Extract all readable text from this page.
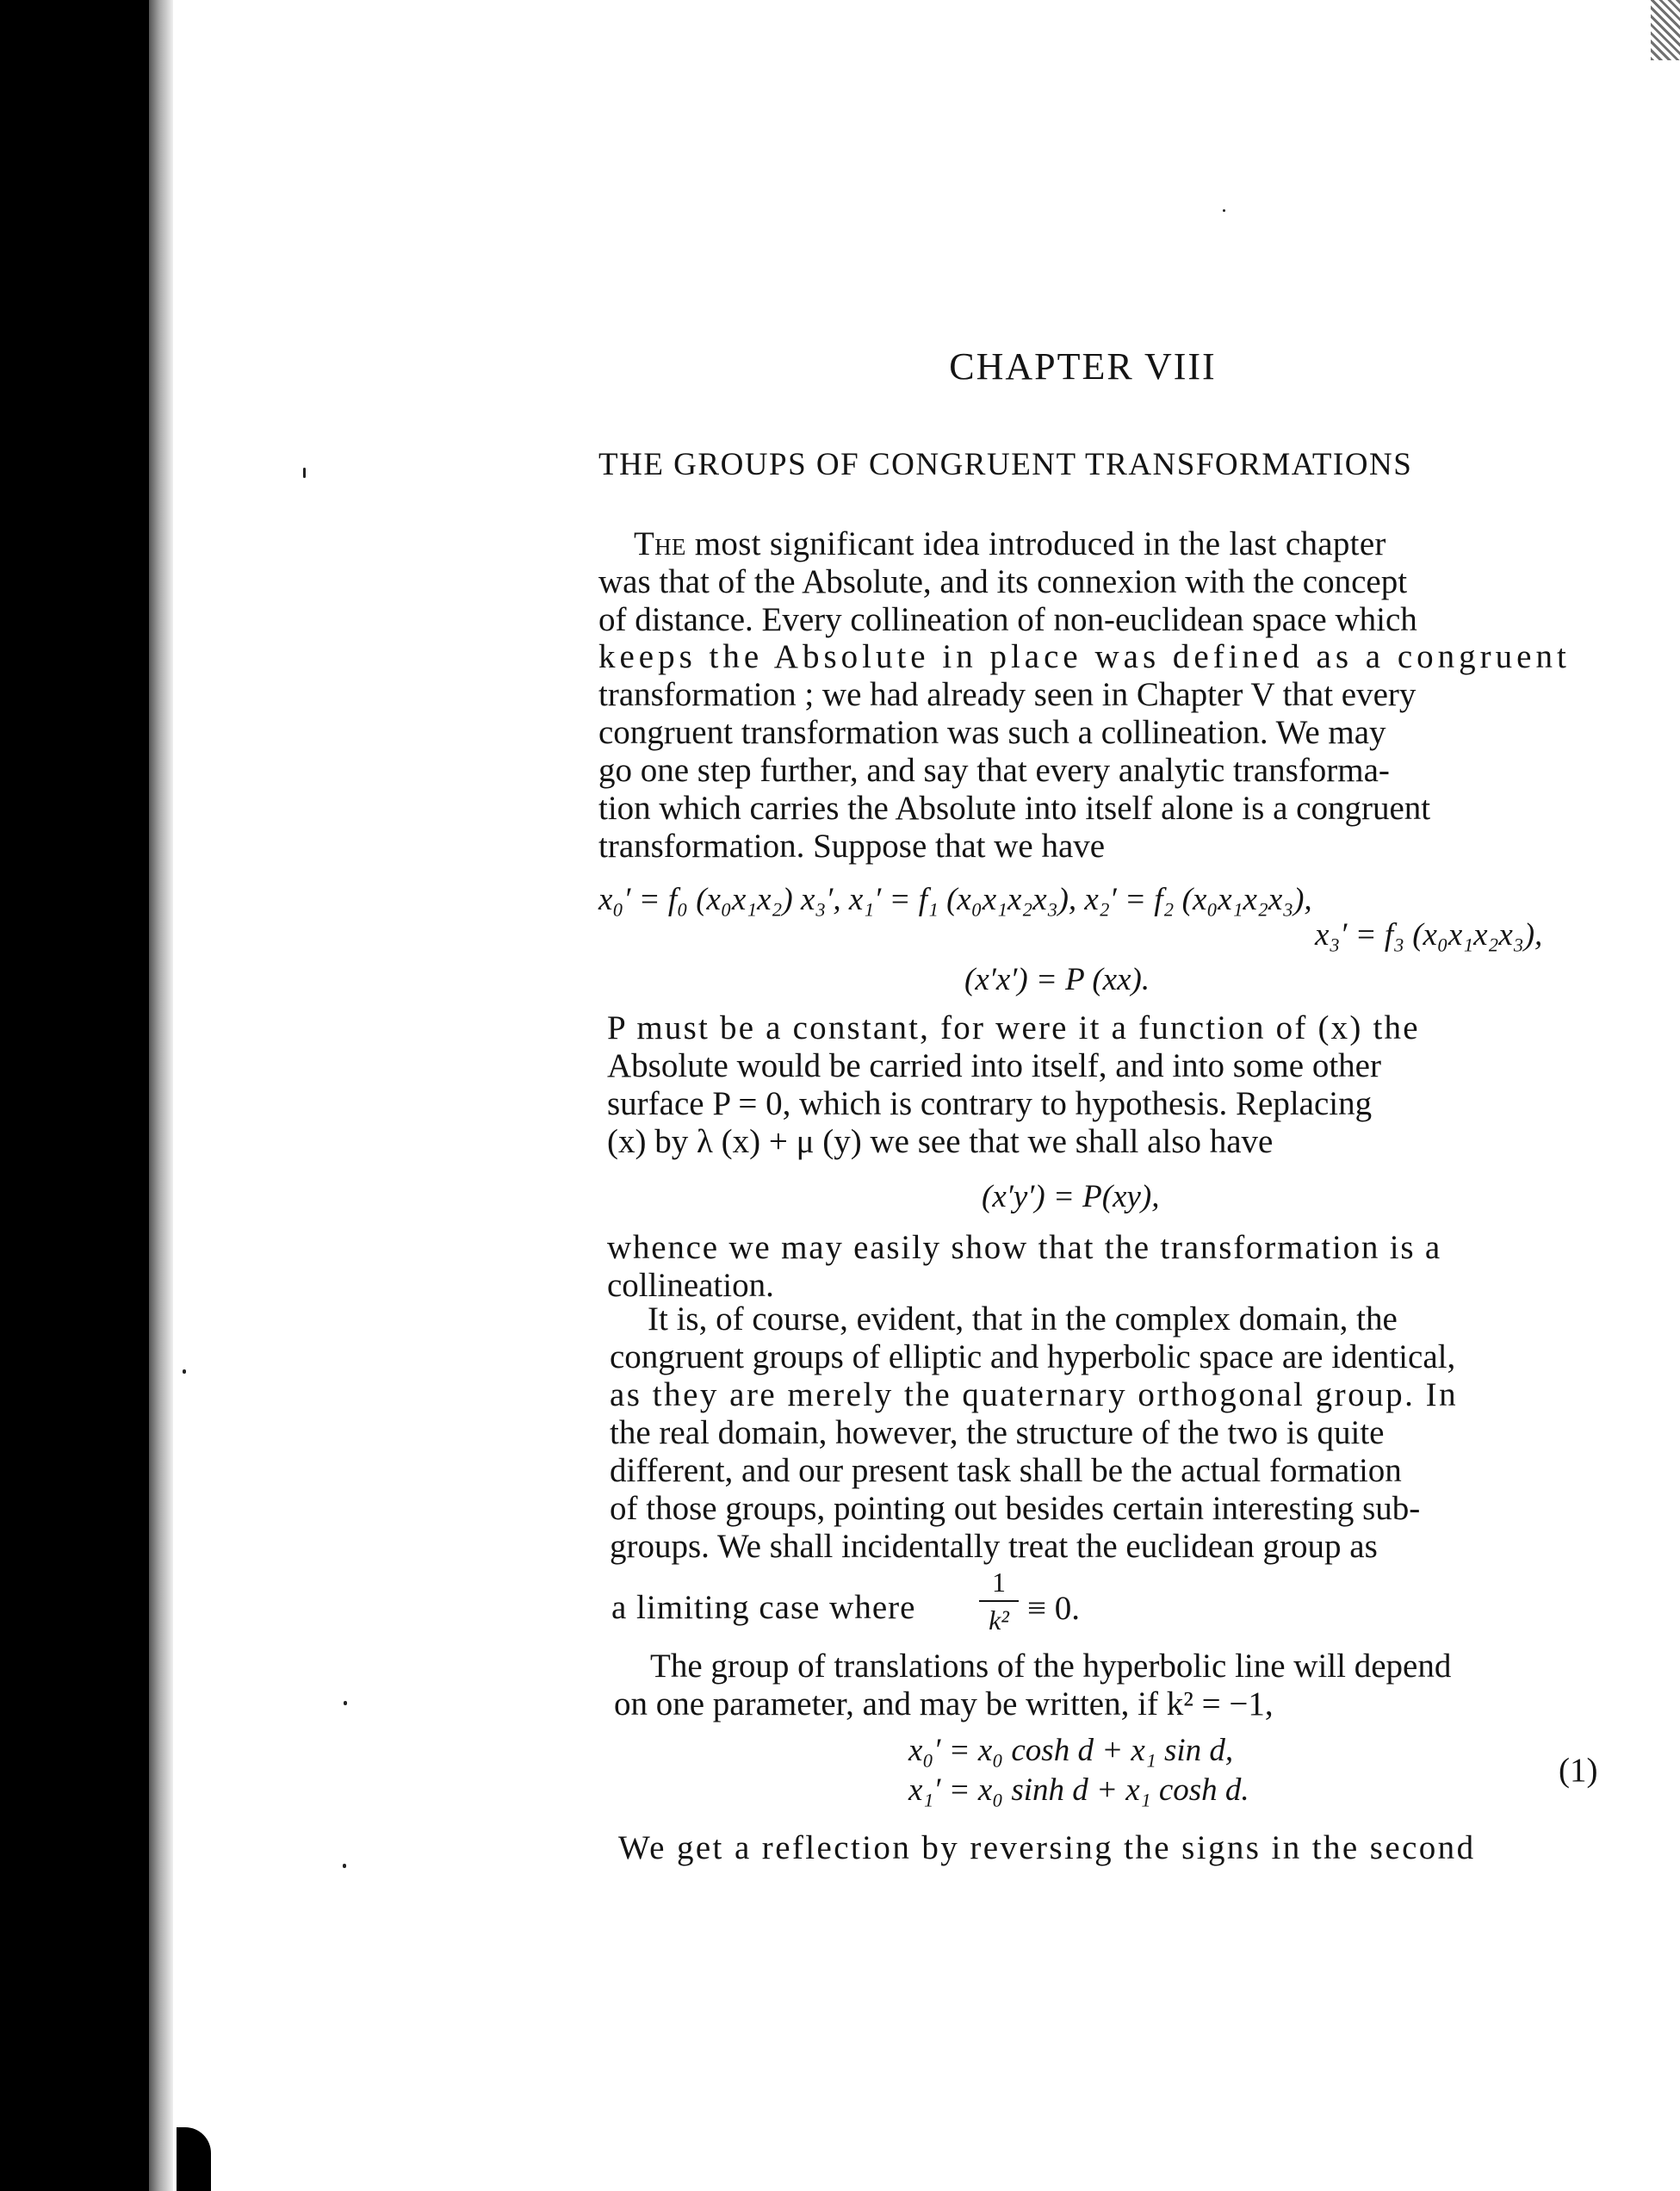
CHAPTER VIII
THE GROUPS OF CONGRUENT TRANSFORMATIONS
The most significant idea introduced in the last chapter
was that of the Absolute, and its connexion with the concept
of distance. Every collineation of non-euclidean space which
keeps the Absolute in place was defined as a congruent
transformation ; we had already seen in Chapter V that every
congruent transformation was such a collineation. We may
go one step further, and say that every analytic transforma-
tion which carries the Absolute into itself alone is a congruent
transformation. Suppose that we have
x₀′ = f₀ (x₀x₁x₂) x₃′, x₁′ = f₁ (x₀x₁x₂x₃), x₂′ = f₂ (x₀x₁x₂x₃),
x₃′ = f₃ (x₀x₁x₂x₃),
(x′x′) = P (xx).
P must be a constant, for were it a function of (x) the
Absolute would be carried into itself, and into some other
surface P = 0, which is contrary to hypothesis. Replacing
(x) by λ (x) + μ (y) we see that we shall also have
(x′y′) = P(xy),
whence we may easily show that the transformation is a
collineation.
It is, of course, evident, that in the complex domain, the
congruent groups of elliptic and hyperbolic space are identical,
as they are merely the quaternary orthogonal group. In
the real domain, however, the structure of the two is quite
different, and our present task shall be the actual formation
of those groups, pointing out besides certain interesting sub-
groups. We shall incidentally treat the euclidean group as
a limiting case where
1
k² ≡ 0.
The group of translations of the hyperbolic line will depend
on one parameter, and may be written, if k² = −1,
x₀′ = x₀ cosh d + x₁ sin d,
x₁′ = x₀ sinh d + x₁ cosh d.
(1)
We get a reflection by reversing the signs in the second
